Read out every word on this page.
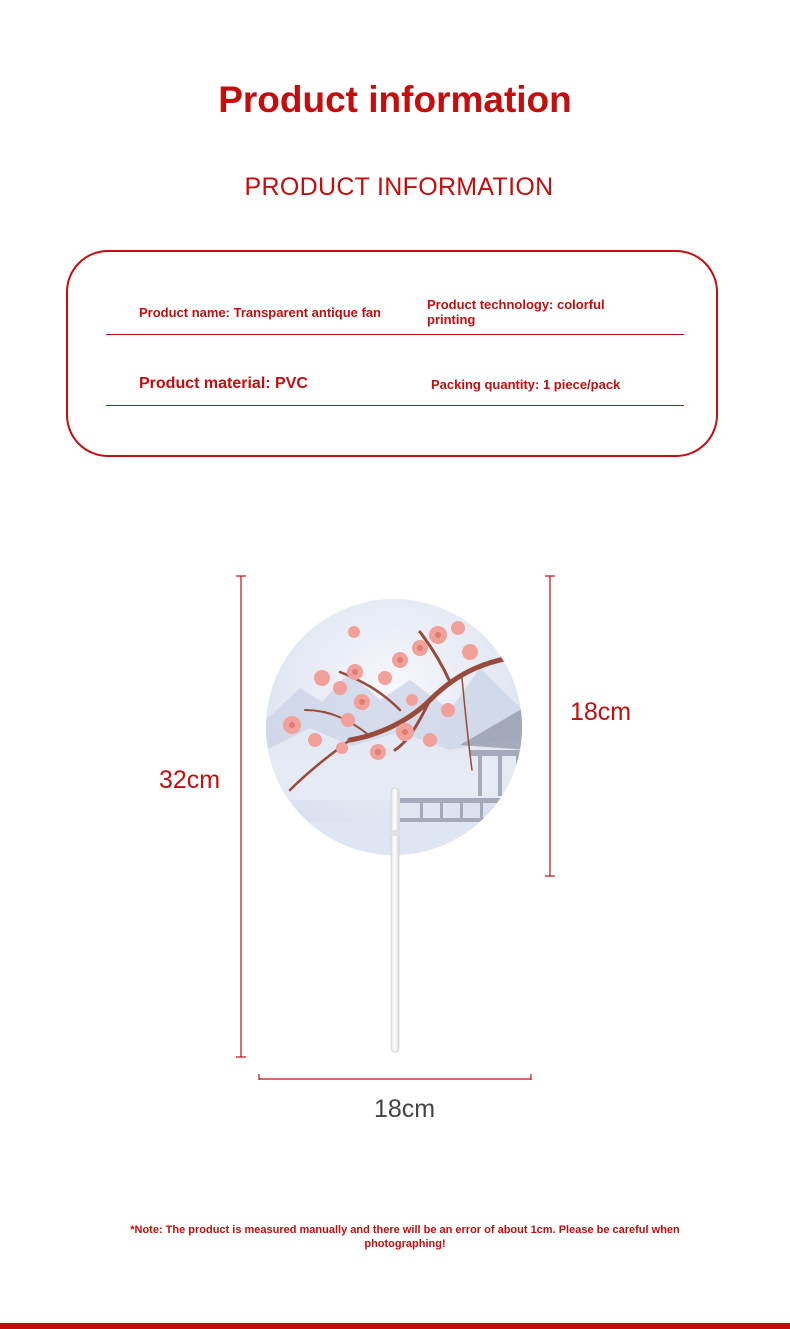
Product information
PRODUCT INFORMATION
Product name: Transparent antique fan
Product technology: colorful printing
Product material: PVC	Packing quantity: 1 piece/pack
32cm
18cm
18cm
*Note: The product is measured manually and there will be an error of about 1cm. Please be careful when photographing!
